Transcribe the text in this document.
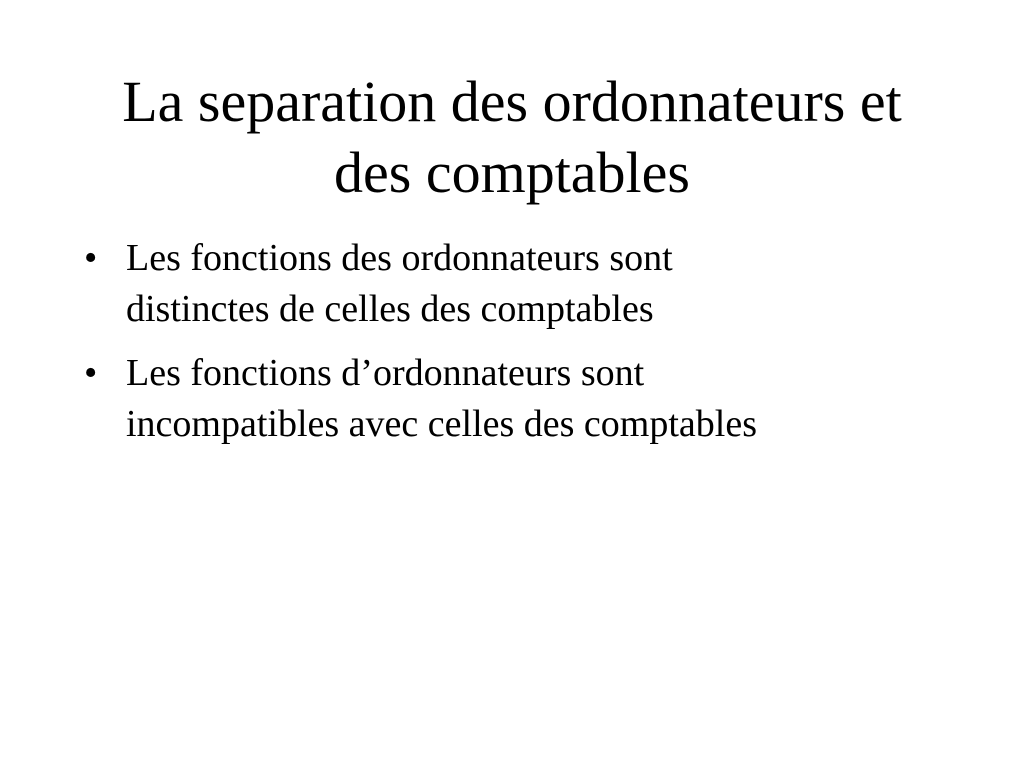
La separation des ordonnateurs et
des comptables
• Les fonctions des ordonnateurs sont
distinctes de celles des comptables
• Les fonctions d’ordonnateurs sont
incompatibles avec celles des comptables
